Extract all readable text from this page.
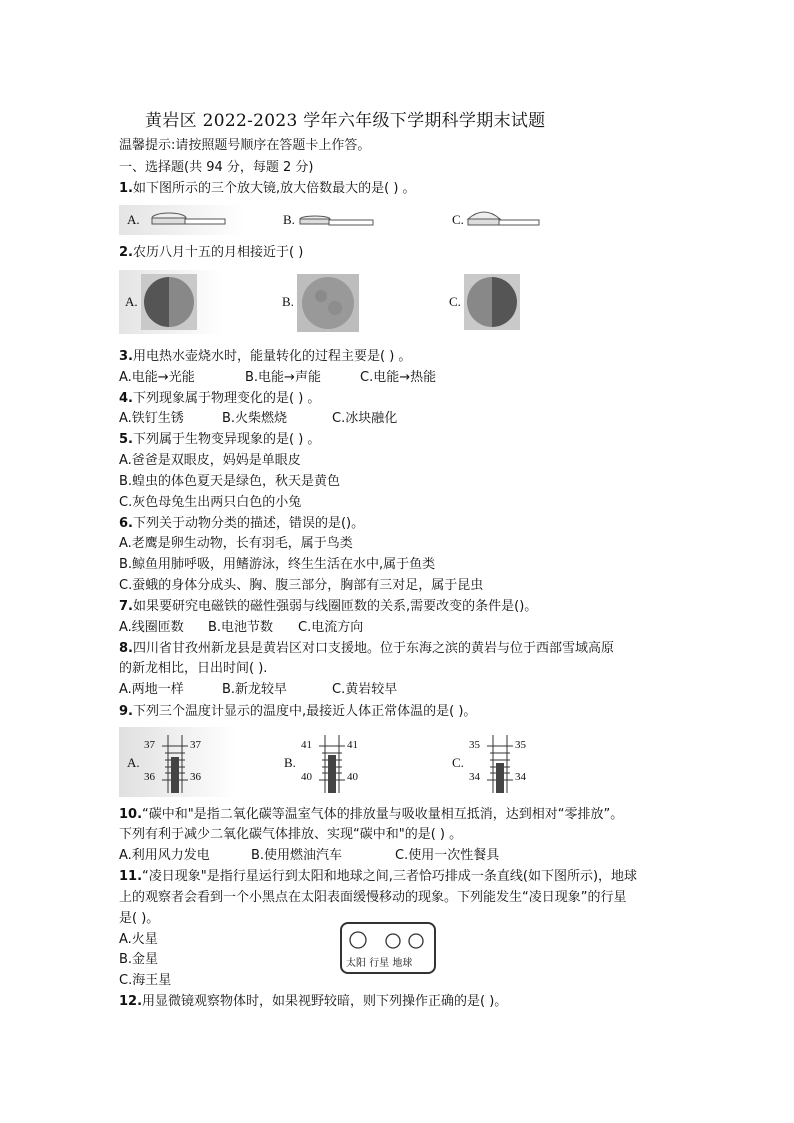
黄岩区 2022-2023 学年六年级下学期科学期末试题
温馨提示:请按照题号顺序在答题卡上作答。
一、选择题(共 94 分，每题 2 分)
1.如下图所示的三个放大镜,放大倍数最大的是( ) 。
A.	B.	C.
2.农历八月十五的月相接近于( )
A.	B.	C.
3.用电热水壶烧水时，能量转化的过程主要是( ) 。
A.电能→光能	B.电能→声能	C.电能→热能
4.下列现象属于物理变化的是( ) 。
A.铁钉生锈	B.火柴燃烧	C.冰块融化
5.下列属于生物变异现象的是( ) 。
A.爸爸是双眼皮，妈妈是单眼皮
B.蝗虫的体色夏天是绿色，秋天是黄色
C.灰色母兔生出两只白色的小兔
6.下列关于动物分类的描述，错误的是()。
A.老鹰是卵生动物，长有羽毛，属于鸟类
B.鲸鱼用肺呼吸，用鳍游泳，终生生活在水中,属于鱼类
C.蚕蛾的身体分成头、胸、腹三部分，胸部有三对足，属于昆虫
7.如果要研究电磁铁的磁性强弱与线圈匝数的关系,需要改变的条件是()。
A.线圈匝数 B.电池节数 C.电流方向
8.四川省甘孜州新龙县是黄岩区对口支援地。位于东海之滨的黄岩与位于西部雪域高原
的新龙相比，日出时间( ).
A.两地一样	B.新龙较早	C.黄岩较早
9.下列三个温度计显示的温度中,最接近人体正常体温的是( )。
A.	B.	C.
37	37
36	36
41	41
40	40
35	35
34	34
10.“碳中和"是指二氧化碳等温室气体的排放量与吸收量相互抵消，达到相对“零排放”。
下列有利于减少二氧化碳气体排放、实现“碳中和"的是( ) 。
A.利用风力发电	B.使用燃油汽车	C.使用一次性餐具
11.“凌日现象"是指行星运行到太阳和地球之间,三者恰巧排成一条直线(如下图所示)，地球
上的观察者会看到一个小黑点在太阳表面缓慢移动的现象。下列能发生“凌日现象”的行星
是( )。
A.火星
B.金星
C.海王星
太阳 行星 地球
12.用显微镜观察物体时，如果视野较暗，则下列操作正确的是( )。
